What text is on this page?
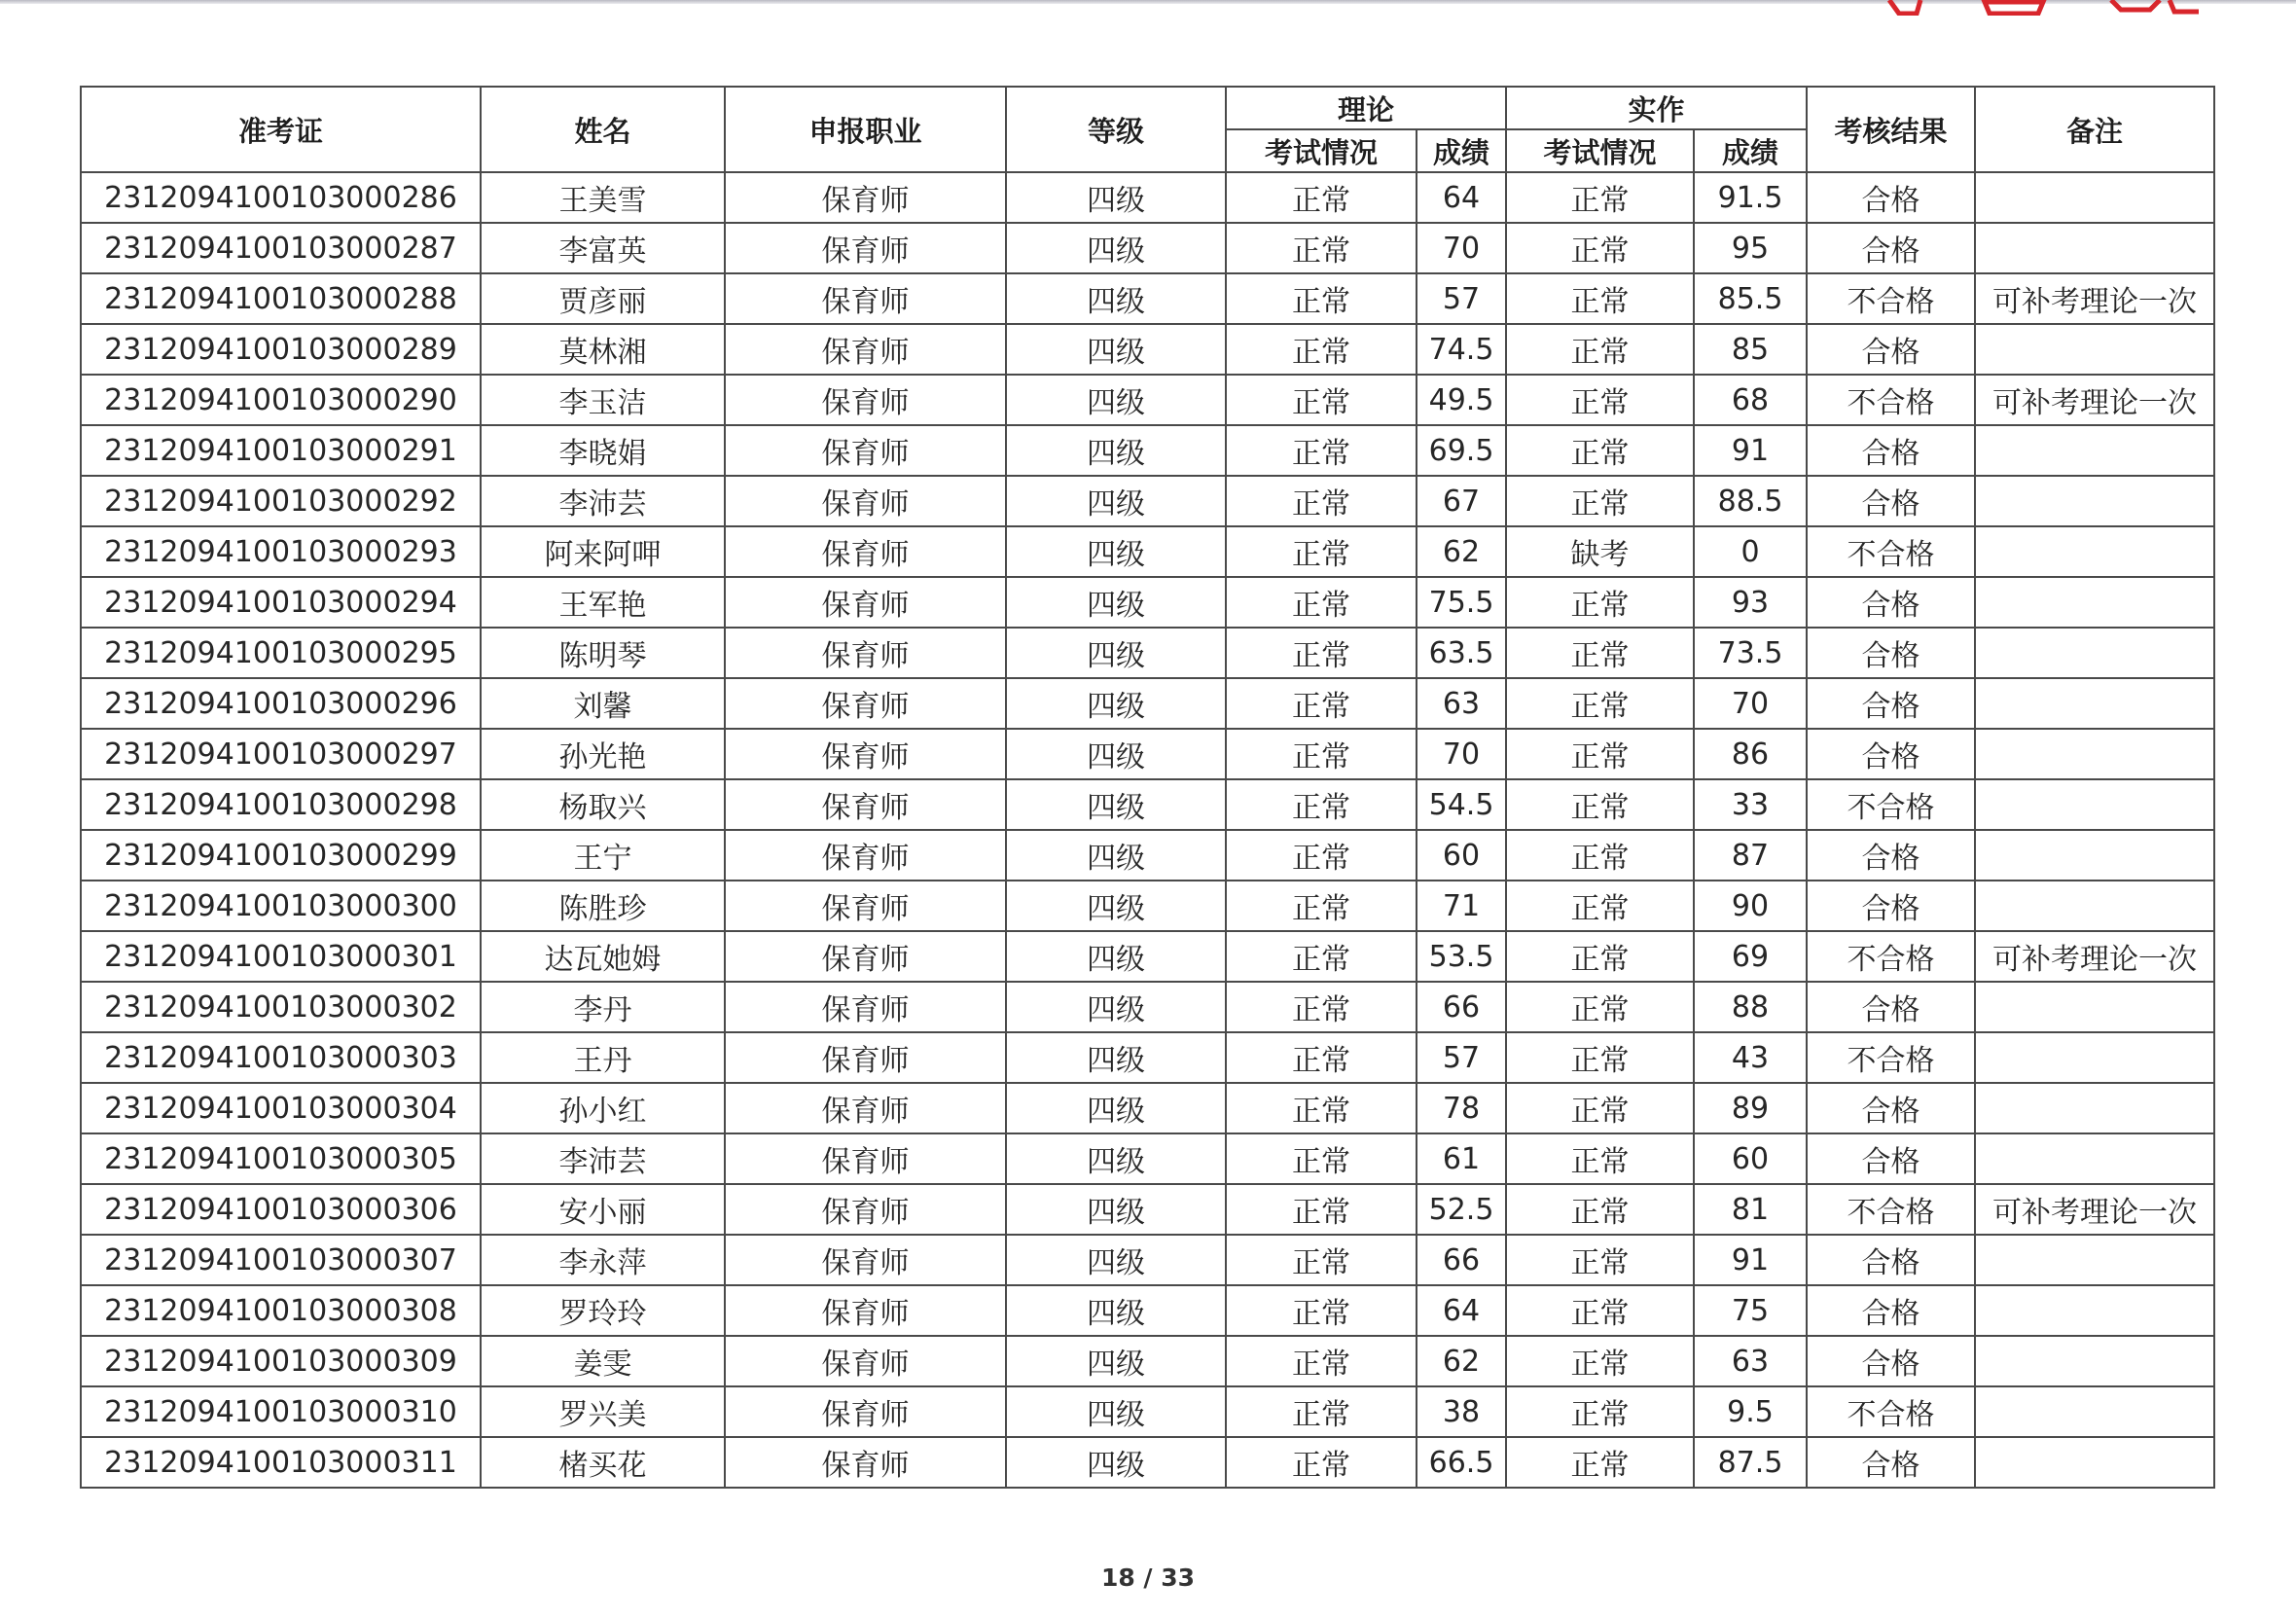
准考证	姓名	申报职业	等级	理论		实作		考核结果	备注
				考试情况	成绩	考试情况	成绩		
2312094100103000286	王美雪	保育师	四级	正常	64	正常	91.5	合格	
2312094100103000287	李富英	保育师	四级	正常	70	正常	95	合格	
2312094100103000288	贾彦丽	保育师	四级	正常	57	正常	85.5	不合格	可补考理论一次
2312094100103000289	莫林湘	保育师	四级	正常	74.5	正常	85	合格	
2312094100103000290	李玉洁	保育师	四级	正常	49.5	正常	68	不合格	可补考理论一次
2312094100103000291	李晓娟	保育师	四级	正常	69.5	正常	91	合格	
2312094100103000292	李沛芸	保育师	四级	正常	67	正常	88.5	合格	
2312094100103000293	阿来阿呷	保育师	四级	正常	62	缺考	0	不合格	
2312094100103000294	王军艳	保育师	四级	正常	75.5	正常	93	合格	
2312094100103000295	陈明琴	保育师	四级	正常	63.5	正常	73.5	合格	
2312094100103000296	刘馨	保育师	四级	正常	63	正常	70	合格	
2312094100103000297	孙光艳	保育师	四级	正常	70	正常	86	合格	
2312094100103000298	杨取兴	保育师	四级	正常	54.5	正常	33	不合格	
2312094100103000299	王宁	保育师	四级	正常	60	正常	87	合格	
2312094100103000300	陈胜珍	保育师	四级	正常	71	正常	90	合格	
2312094100103000301	达瓦她姆	保育师	四级	正常	53.5	正常	69	不合格	可补考理论一次
2312094100103000302	李丹	保育师	四级	正常	66	正常	88	合格	
2312094100103000303	王丹	保育师	四级	正常	57	正常	43	不合格	
2312094100103000304	孙小红	保育师	四级	正常	78	正常	89	合格	
2312094100103000305	李沛芸	保育师	四级	正常	61	正常	60	合格	
2312094100103000306	安小丽	保育师	四级	正常	52.5	正常	81	不合格	可补考理论一次
2312094100103000307	李永萍	保育师	四级	正常	66	正常	91	合格	
2312094100103000308	罗玲玲	保育师	四级	正常	64	正常	75	合格	
2312094100103000309	姜雯	保育师	四级	正常	62	正常	63	合格	
2312094100103000310	罗兴美	保育师	四级	正常	38	正常	9.5	不合格	
2312094100103000311	楮买花	保育师	四级	正常	66.5	正常	87.5	合格	
18 / 33
